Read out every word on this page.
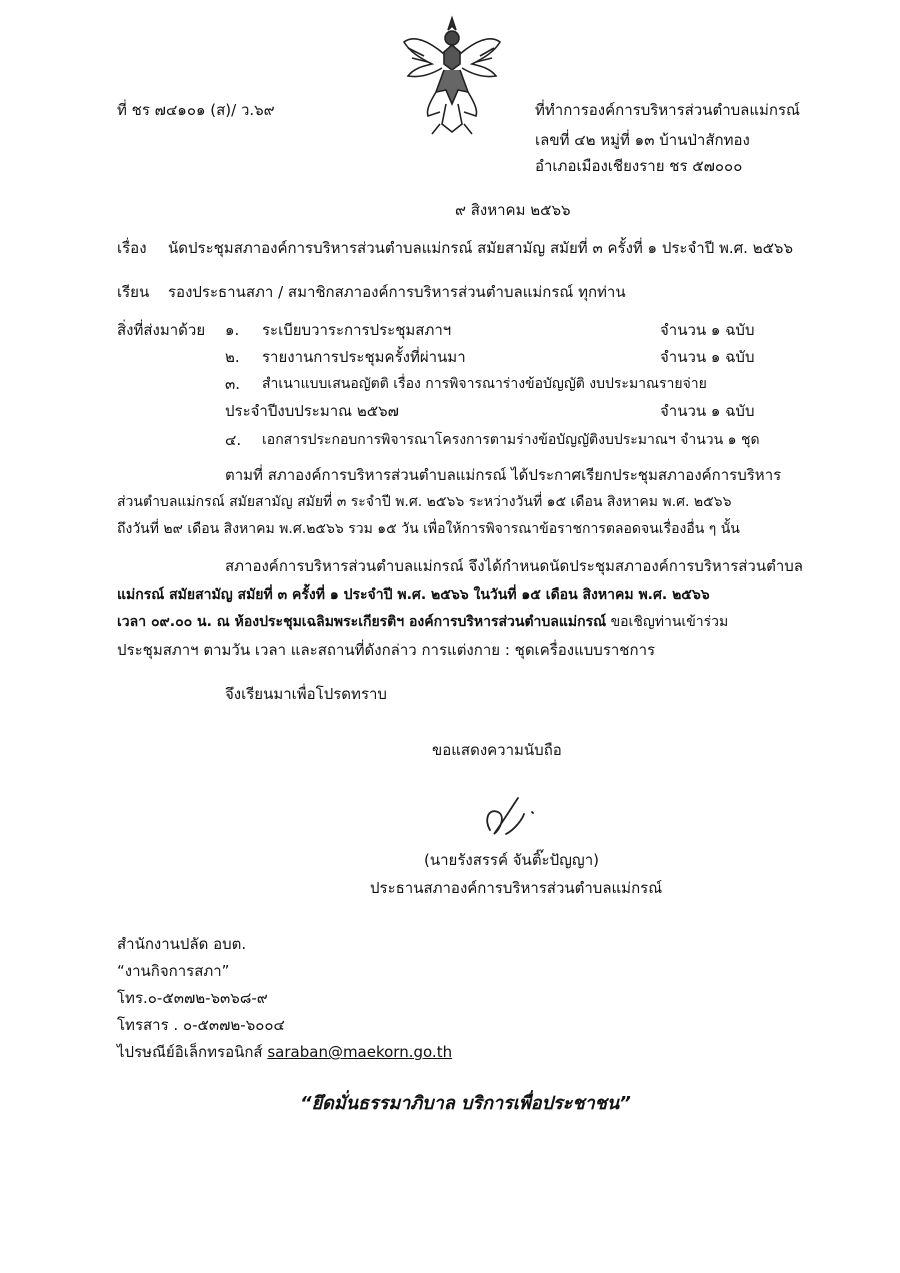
ที่ ชร ๗๔๑๐๑ (ส)/ ว.๖๙	ที่ทำการองค์การบริหารส่วนตำบลแม่กรณ์
เลขที่ ๔๒ หมู่ที่ ๑๓ บ้านป่าสักทอง
อำเภอเมืองเชียงราย ชร ๕๗๐๐๐
๙ สิงหาคม ๒๕๖๖
เรื่อง นัดประชุมสภาองค์การบริหารส่วนตำบลแม่กรณ์ สมัยสามัญ สมัยที่ ๓ ครั้งที่ ๑ ประจำปี พ.ศ. ๒๕๖๖
เรียน รองประธานสภา / สมาชิกสภาองค์การบริหารส่วนตำบลแม่กรณ์ ทุกท่าน
สิ่งที่ส่งมาด้วย ๑. ระเบียบวาระการประชุมสภาฯ	จำนวน ๑ ฉบับ
๒. รายงานการประชุมครั้งที่ผ่านมา	จำนวน ๑ ฉบับ
๓. สำเนาแบบเสนอญัตติ เรื่อง การพิจารณาร่างข้อบัญญัติ งบประมาณรายจ่าย
ประจำปีงบประมาณ ๒๕๖๗	จำนวน ๑ ฉบับ
๔. เอกสารประกอบการพิจารณาโครงการตามร่างข้อบัญญัติงบประมาณฯ จำนวน ๑ ชุด
ตามที่ สภาองค์การบริหารส่วนตำบลแม่กรณ์ ได้ประกาศเรียกประชุมสภาองค์การบริหาร
ส่วนตำบลแม่กรณ์ สมัยสามัญ สมัยที่ ๓ ระจำปี พ.ศ. ๒๕๖๖ ระหว่างวันที่ ๑๕ เดือน สิงหาคม พ.ศ. ๒๕๖๖
ถึงวันที่ ๒๙ เดือน สิงหาคม พ.ศ.๒๕๖๖ รวม ๑๕ วัน เพื่อให้การพิจารณาข้อราชการตลอดจนเรื่องอื่น ๆ นั้น
สภาองค์การบริหารส่วนตำบลแม่กรณ์ จึงได้กำหนดนัดประชุมสภาองค์การบริหารส่วนตำบล
แม่กรณ์ สมัยสามัญ สมัยที่ ๓ ครั้งที่ ๑ ประจำปี พ.ศ. ๒๕๖๖ ในวันที่ ๑๕ เดือน สิงหาคม พ.ศ. ๒๕๖๖
เวลา ๐๙.๐๐ น. ณ ห้องประชุมเฉลิมพระเกียรติฯ องค์การบริหารส่วนตำบลแม่กรณ์ ขอเชิญท่านเข้าร่วม
ประชุมสภาฯ ตามวัน เวลา และสถานที่ดังกล่าว การแต่งกาย : ชุดเครื่องแบบราชการ
จึงเรียนมาเพื่อโปรดทราบ
ขอแสดงความนับถือ
(นายรังสรรค์ จันติ๊ะปัญญา)
ประธานสภาองค์การบริหารส่วนตำบลแม่กรณ์
สำนักงานปลัด อบต.
“งานกิจการสภา”
โทร.๐-๕๓๗๒-๖๓๖๘-๙
โทรสาร . ๐-๕๓๗๒-๖๐๐๔
ไปรษณีย์อิเล็กทรอนิกส์ saraban@maekorn.go.th
“ยึดมั่นธรรมาภิบาล บริการเพื่อประชาชน”
